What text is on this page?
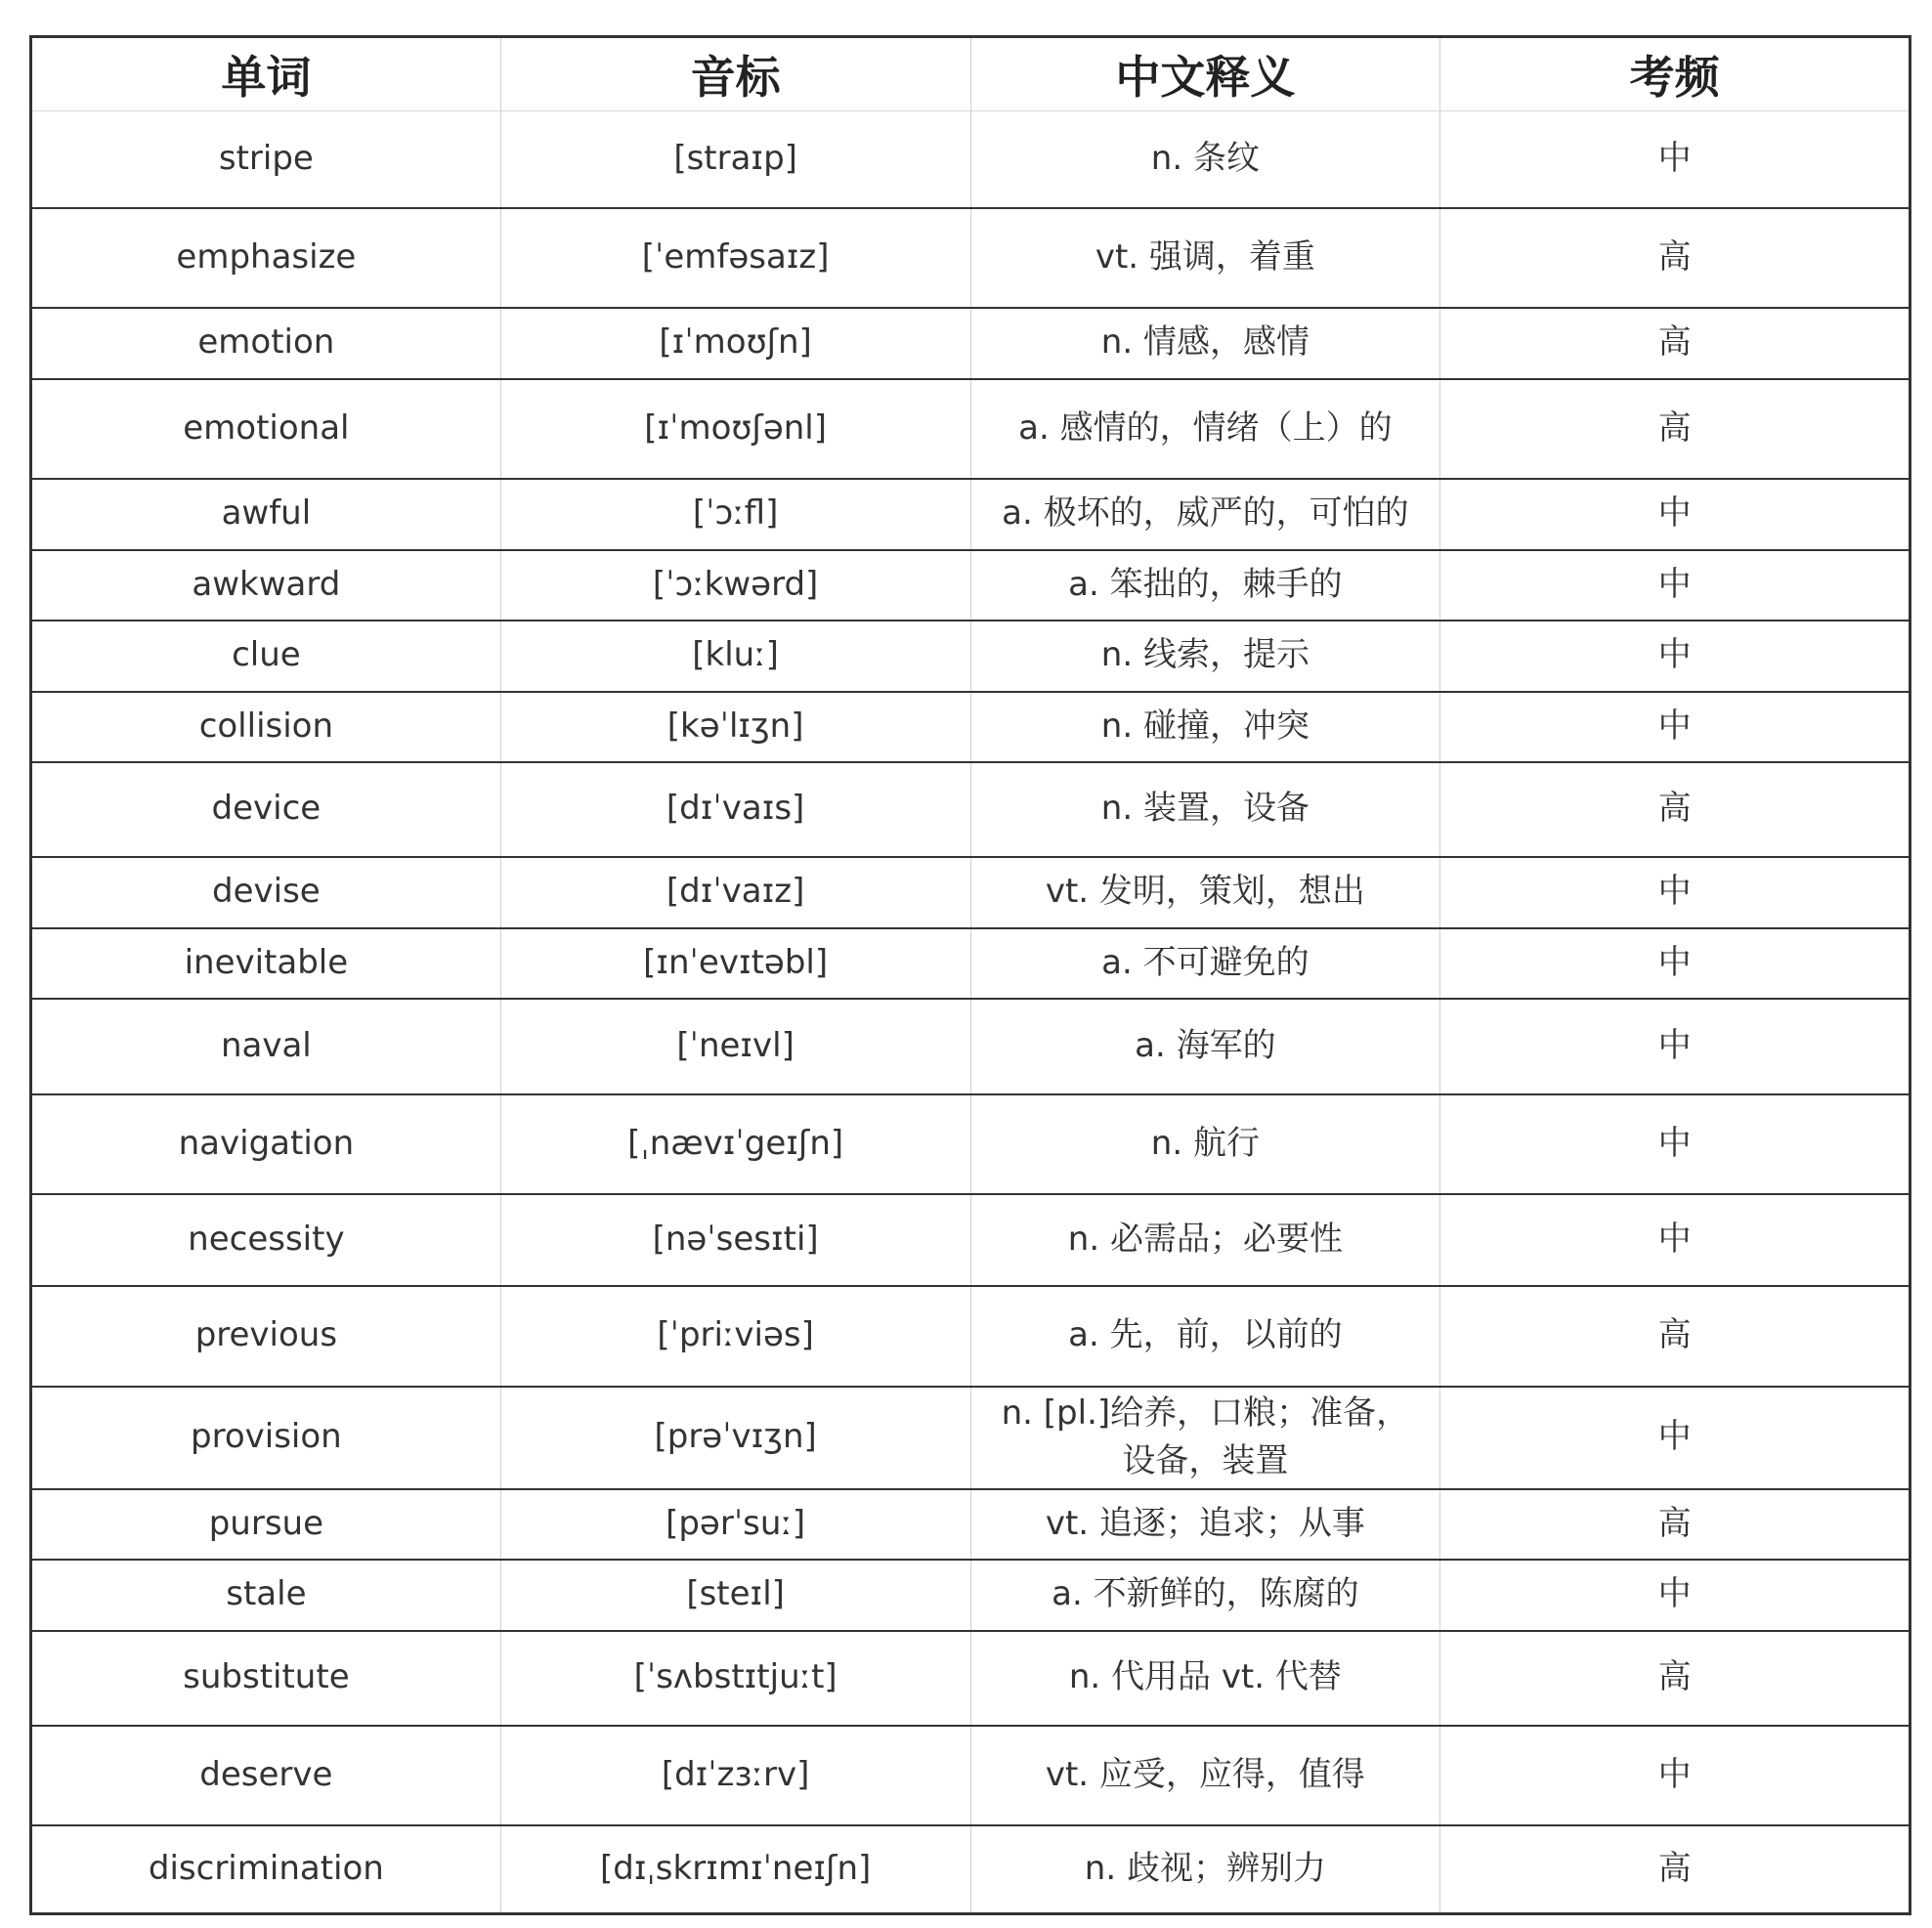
单词	音标	中文释义	考频
stripe	[straɪp]	n. 条纹	中
emphasize	[ˈemfəsaɪz]	vt. 强调，着重	高
emotion	[ɪˈmoʊʃn]	n. 情感，感情	高
emotional	[ɪˈmoʊʃənl]	a. 感情的，情绪（上）的	高
awful	[ˈɔːfl]	a. 极坏的，威严的，可怕的	中
awkward	[ˈɔːkwərd]	a. 笨拙的，棘手的	中
clue	[kluː]	n. 线索，提示	中
collision	[kəˈlɪʒn]	n. 碰撞，冲突	中
device	[dɪˈvaɪs]	n. 装置，设备	高
devise	[dɪˈvaɪz]	vt. 发明，策划，想出	中
inevitable	[ɪnˈevɪtəbl]	a. 不可避免的	中
naval	[ˈneɪvl]	a. 海军的	中
navigation	[ˌnævɪˈgeɪʃn]	n. 航行	中
necessity	[nəˈsesɪti]	n. 必需品；必要性	中
previous	[ˈpriːviəs]	a. 先，前，以前的	高
provision	[prəˈvɪʒn]	n. [pl.]给养，口粮；准备，设备，装置	中
pursue	[pərˈsuː]	vt. 追逐；追求；从事	高
stale	[steɪl]	a. 不新鲜的，陈腐的	中
substitute	[ˈsʌbstɪtjuːt]	n. 代用品 vt. 代替	高
deserve	[dɪˈzɜːrv]	vt. 应受，应得，值得	中
discrimination	[dɪˌskrɪmɪˈneɪʃn]	n. 歧视；辨别力	高
